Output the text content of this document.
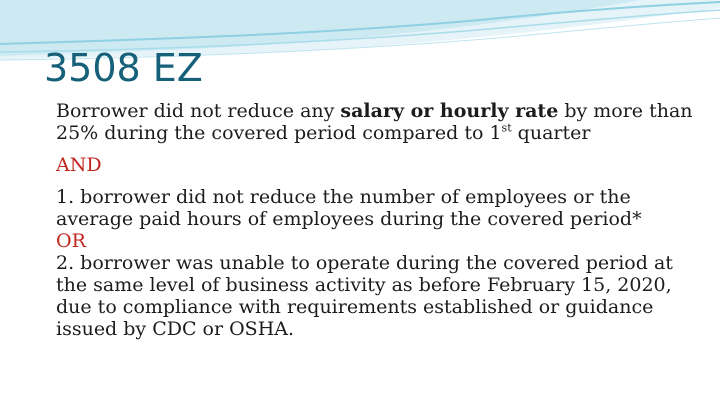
3508 EZ

Borrower did not reduce any salary or hourly rate by more than 25% during the covered period compared to 1st quarter

AND

1. borrower did not reduce the number of employees or the average paid hours of employees during the covered period*

OR

2. borrower was unable to operate during the covered period at the same level of business activity as before February 15, 2020, due to compliance with requirements established or guidance issued by CDC or OSHA.
